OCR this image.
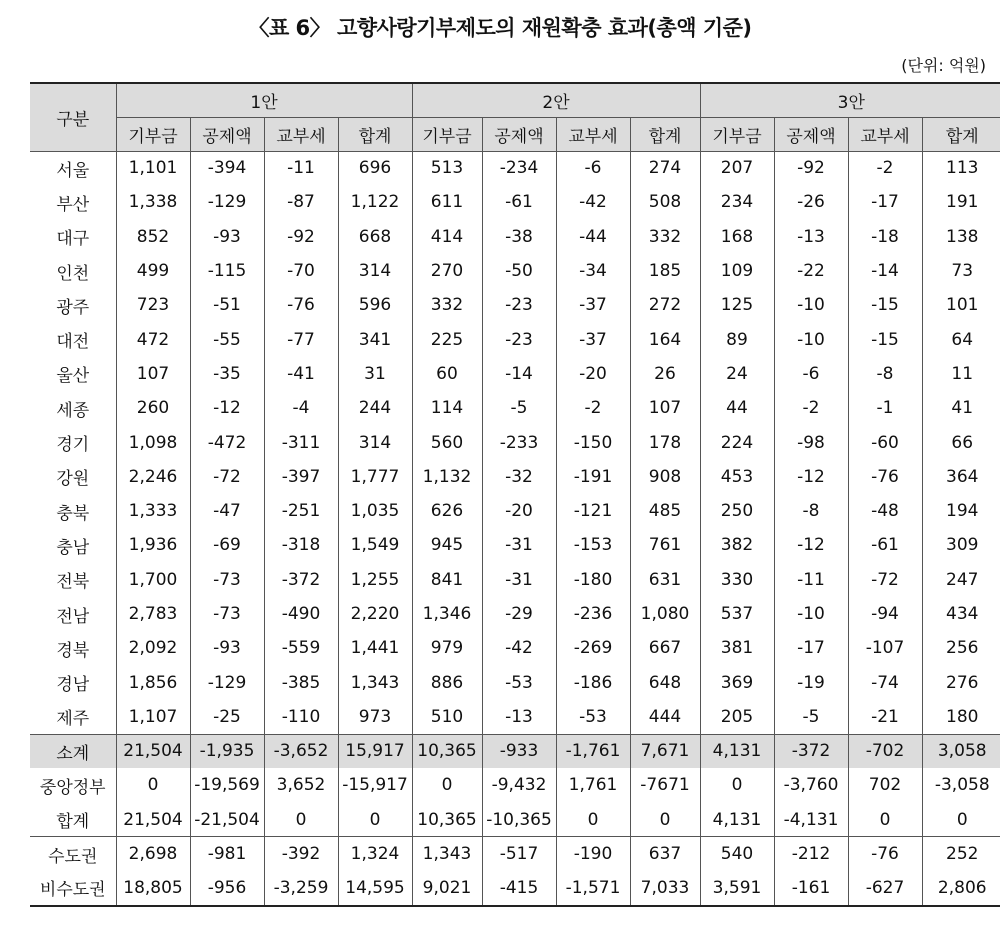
〈표 6〉 고향사랑기부제도의 재원확충 효과(총액 기준)
(단위: 억원)
구분	1안				2안				3안			
	기부금	공제액	교부세	합계	기부금	공제액	교부세	합계	기부금	공제액	교부세	합계
서울	1,101	-394	-11	696	513	-234	-6	274	207	-92	-2	113
부산	1,338	-129	-87	1,122	611	-61	-42	508	234	-26	-17	191
대구	852	-93	-92	668	414	-38	-44	332	168	-13	-18	138
인천	499	-115	-70	314	270	-50	-34	185	109	-22	-14	73
광주	723	-51	-76	596	332	-23	-37	272	125	-10	-15	101
대전	472	-55	-77	341	225	-23	-37	164	89	-10	-15	64
울산	107	-35	-41	31	60	-14	-20	26	24	-6	-8	11
세종	260	-12	-4	244	114	-5	-2	107	44	-2	-1	41
경기	1,098	-472	-311	314	560	-233	-150	178	224	-98	-60	66
강원	2,246	-72	-397	1,777	1,132	-32	-191	908	453	-12	-76	364
충북	1,333	-47	-251	1,035	626	-20	-121	485	250	-8	-48	194
충남	1,936	-69	-318	1,549	945	-31	-153	761	382	-12	-61	309
전북	1,700	-73	-372	1,255	841	-31	-180	631	330	-11	-72	247
전남	2,783	-73	-490	2,220	1,346	-29	-236	1,080	537	-10	-94	434
경북	2,092	-93	-559	1,441	979	-42	-269	667	381	-17	-107	256
경남	1,856	-129	-385	1,343	886	-53	-186	648	369	-19	-74	276
제주	1,107	-25	-110	973	510	-13	-53	444	205	-5	-21	180
소계	21,504	-1,935	-3,652	15,917	10,365	-933	-1,761	7,671	4,131	-372	-702	3,058
중앙정부	0	-19,569	3,652	-15,917	0	-9,432	1,761	-7671	0	-3,760	702	-3,058
합계	21,504	-21,504	0	0	10,365	-10,365	0	0	4,131	-4,131	0	0
수도권	2,698	-981	-392	1,324	1,343	-517	-190	637	540	-212	-76	252
비수도권	18,805	-956	-3,259	14,595	9,021	-415	-1,571	7,033	3,591	-161	-627	2,806
